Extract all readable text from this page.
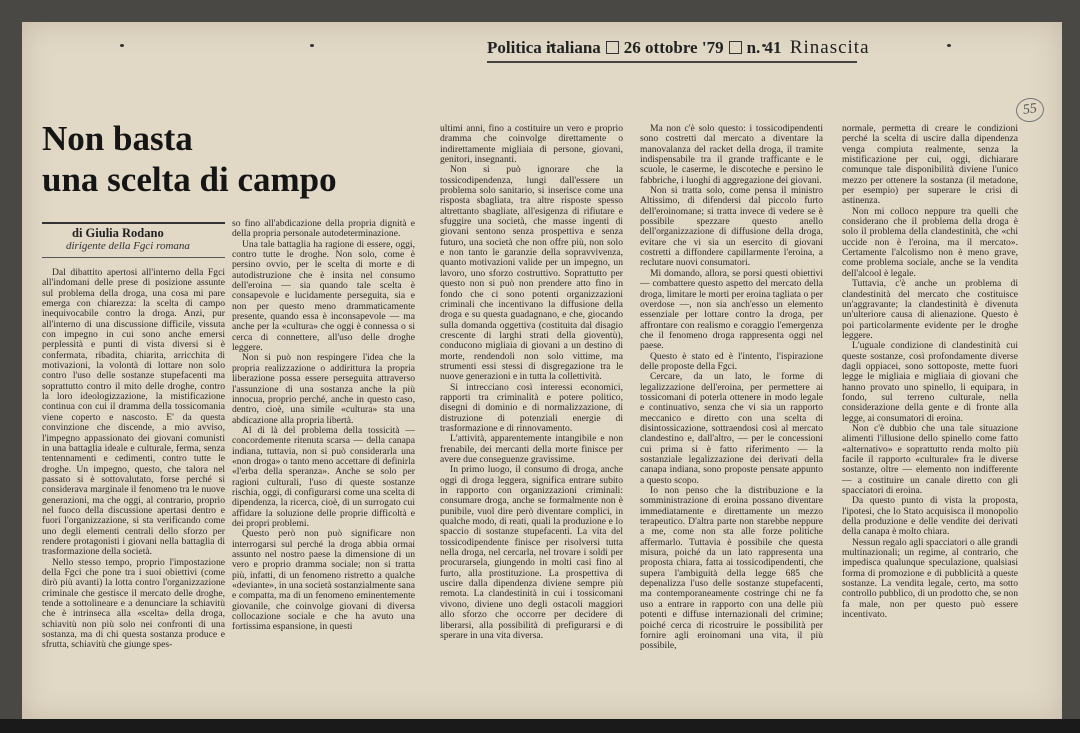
Politica italiana 26 ottobre '79 n. 41 Rinascita
55
Non basta
una scelta di campo
di Giulia Rodano
dirigente della Fgci romana

Dal dibattito apertosi all'interno della Fgci all'indomani delle prese di posizione assunte sul problema della droga, una cosa mi pare emerga con chiarezza: la scelta di campo inequivocabile contro la droga. Anzi, pur all'interno di una discussione difficile, vissuta con impegno in cui sono anche emersi perplessità e punti di vista diversi si è confermata, ribadita, chiarita, arricchita di motivazioni, la volontà di lottare non solo contro l'uso delle sostanze stupefacenti ma soprattutto contro il mito delle droghe, contro la loro ideologizzazione, la mistificazione continua con cui il dramma della tossicomania viene coperto e nascosto. E' da questa convinzione che discende, a mio avviso, l'impegno appassionato dei giovani comunisti in una battaglia ideale e culturale, ferma, senza tentennamenti e cedimenti, contro tutte le droghe. Un impegno, questo, che talora nel passato si è sottovalutato, forse perché si considerava marginale il fenomeno tra le nuove generazioni, ma che oggi, al contrario, proprio nel fuoco della discussione apertasi dentro e fuori l'organizzazione, si sta verificando come uno degli elementi centrali dello sforzo per rendere protagonisti i giovani nella battaglia di trasformazione della società.

Nello stesso tempo, proprio l'impostazione della Fgci che pone tra i suoi obiettivi (come dirò più avanti) la lotta contro l'organizzazione criminale che gestisce il mercato delle droghe, tende a sottolineare e a denunciare la schiavitù che è intrinseca alla «scelta» della droga, schiavitù non più solo nei confronti di una sostanza, ma di chi questa sostanza produce e sfrutta, schiavitù che giunge spes-

so fino all'abdicazione della propria dignità e della propria personale autodeterminazione.

Una tale battaglia ha ragione di essere, oggi, contro tutte le droghe. Non solo, come è persino ovvio, per le scelta di morte e di autodistruzione che è insita nel consumo dell'eroina — sia quando tale scelta è consapevole e lucidamente perseguita, sia e non per questo meno drammaticamente presente, quando essa è inconsapevole — ma anche per la «cultura» che oggi è connessa o si cerca di connettere, all'uso delle droghe leggere.

Non si può non respingere l'idea che la propria realizzazione o addirittura la propria liberazione possa essere perseguita attraverso l'assunzione di una sostanza anche la più innocua, proprio perché, anche in questo caso, dentro, cioè, una simile «cultura» sta una abdicazione alla propria libertà.

Al di là del problema della tossicità — concordemente ritenuta scarsa — della canapa indiana, tuttavia, non si può considerarla una «non droga» o tanto meno accettare di definirla «l'erba della speranza». Anche se solo per ragioni culturali, l'uso di queste sostanze rischia, oggi, di configurarsi come una scelta di dipendenza, la ricerca, cioè, di un surrogato cui affidare la soluzione delle proprie difficoltà e dei propri problemi.

Questo però non può significare non interrogarsi sul perché la droga abbia ormai assunto nel nostro paese la dimensione di un vero e proprio dramma sociale; non si tratta più, infatti, di un fenomeno ristretto a qualche «deviante», in una società sostanzialmente sana e compatta, ma di un fenomeno eminentemente giovanile, che coinvolge giovani di diversa collocazione sociale e che ha avuto una fortissima espansione, in questi

ultimi anni, fino a costituire un vero e proprio dramma che coinvolge direttamente o indirettamente migliaia di persone, giovani, genitori, insegnanti.

Non si può ignorare che la tossicodipendenza, lungi dall'essere un problema solo sanitario, si inserisce come una risposta sbagliata, tra altre risposte spesso altrettanto sbagliate, all'esigenza di rifiutare e sfuggire una società, che masse ingenti di giovani sentono senza prospettiva e senza futuro, una società che non offre più, non solo e non tanto le garanzie della sopravvivenza, quanto motivazioni valide per un impegno, un lavoro, uno sforzo costruttivo. Soprattutto per questo non si può non prendere atto fino in fondo che ci sono potenti organizzazioni criminali che incentivano la diffusione della droga e su questa guadagnano, e che, giocando sulla domanda oggettiva (costituita dal disagio crescente di larghi strati della gioventù), conducono migliaia di giovani a un destino di morte, rendendoli non solo vittime, ma strumenti essi stessi di disgregazione tra le nuove generazioni e in tutta la collettività.

Si intrecciano così interessi economici, rapporti tra criminalità e potere politico, disegni di dominio e di normalizzazione, di distruzione di potenziali energie di trasformazione e di rinnovamento.

L'attività, apparentemente intangibile e non frenabile, dei mercanti della morte finisce per avere due conseguenze gravissime.

In primo luogo, il consumo di droga, anche oggi di droga leggera, significa entrare subito in rapporto con organizzazioni criminali: consumare droga, anche se formalmente non è punibile, vuol dire però diventare complici, in qualche modo, di reati, quali la produzione e lo spaccio di sostanze stupefacenti. La vita del tossicodipendente finisce per risolversi tutta nella droga, nel cercarla, nel trovare i soldi per procurarsela, giungendo in molti casi fino al furto, alla prostituzione. La prospettiva di uscire dalla dipendenza diviene sempre più remota. La clandestinità in cui i tossicomani vivono, diviene uno degli ostacoli maggiori allo sforzo che occorre per decidere di liberarsi, alla possibilità di prefigurarsi e di sperare in una vita diversa.

Ma non c'è solo questo: i tossicodipendenti sono costretti dal mercato a diventare la manovalanza del racket della droga, il tramite indispensabile tra il grande trafficante e le scuole, le caserme, le discoteche e persino le fabbriche, i luoghi di aggregazione dei giovani.

Non si tratta solo, come pensa il ministro Altissimo, di difendersi dal piccolo furto dell'eroinomane; si tratta invece di vedere se è possibile spezzare questo anello dell'organizzazione di diffusione della droga, evitare che vi sia un esercito di giovani costretti a diffondere capillarmente l'eroina, a reclutare nuovi consumatori.

Mi domando, allora, se porsi questi obiettivi — combattere questo aspetto del mercato della droga, limitare le morti per eroina tagliata o per overdose —, non sia anch'esso un elemento essenziale per lottare contro la droga, per affrontare con realismo e coraggio l'emergenza che il fenomeno droga rappresenta oggi nel paese.

Questo è stato ed è l'intento, l'ispirazione delle proposte della Fgci.

Cercare, da un lato, le forme di legalizzazione dell'eroina, per permettere ai tossicomani di poterla ottenere in modo legale e continuativo, senza che vi sia un rapporto meccanico e diretto con una scelta di disintossicazione, sottraendosi così al mercato clandestino e, dall'altro, — per le concessioni cui prima si è fatto riferimento — la sostanziale legalizzazione dei derivati della canapa indiana, sono proposte pensate appunto a questo scopo.

Io non penso che la distribuzione e la somministrazione di eroina possano diventare immediatamente e direttamente un mezzo terapeutico. D'altra parte non starebbe neppure a me, come non sta alle forze politiche affermarlo. Tuttavia è possibile che questa misura, poiché da un lato rappresenta una proposta chiara, fatta ai tossicodipendenti, che supera l'ambiguità della legge 685 che depenalizza l'uso delle sostanze stupefacenti, ma contemporaneamente costringe chi ne fa uso a entrare in rapporto con una delle più potenti e diffuse internazionali del crimine; poiché cerca di ricostruire le possibilità per fornire agli eroinomani una vita, il più possibile,

normale, permetta di creare le condizioni perché la scelta di uscire dalla dipendenza venga compiuta realmente, senza la mistificazione per cui, oggi, dichiarare comunque tale disponibilità diviene l'unico mezzo per ottenere la sostanza (il metadone, per esempio) per superare le crisi di astinenza.

Non mi colloco neppure tra quelli che considerano che il problema della droga è solo il problema della clandestinità, che «chi uccide non è l'eroina, ma il mercato». Certamente l'alcolismo non è meno grave, come problema sociale, anche se la vendita dell'alcool è legale.

Tuttavia, c'è anche un problema di clandestinità del mercato che costituisce un'aggravante; la clandestinità è divenuta un'ulteriore causa di alienazione. Questo è poi particolarmente evidente per le droghe leggere.

L'uguale condizione di clandestinità cui queste sostanze, così profondamente diverse dagli oppiacei, sono sottoposte, mette fuori legge le migliaia e migliaia di giovani che hanno provato uno spinello, li equipara, in fondo, sul terreno culturale, nella considerazione della gente e di fronte alla legge, ai consumatori di eroina.

Non c'è dubbio che una tale situazione alimenti l'illusione dello spinello come fatto «alternativo» e soprattutto renda molto più facile il rapporto «culturale» fra le diverse sostanze, oltre — elemento non indifferente — a costituire un canale diretto con gli spacciatori di eroina.

Da questo punto di vista la proposta, l'ipotesi, che lo Stato acquisisca il monopolio della produzione e delle vendite dei derivati della canapa è molto chiara.

Nessun regalo agli spacciatori o alle grandi multinazionali; un regime, al contrario, che impedisca qualunque speculazione, qualsiasi forma di promozione e di pubblicità a queste sostanze. La vendita legale, certo, ma sotto controllo pubblico, di un prodotto che, se non fa male, non per questo può essere incentivato.
